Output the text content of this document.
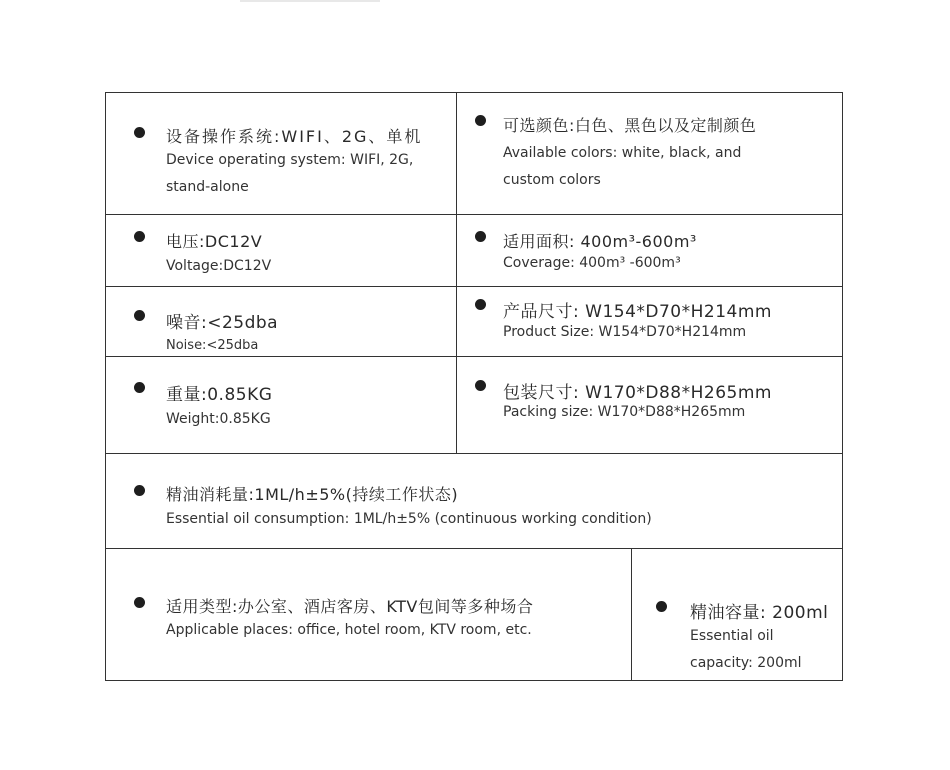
设备操作系统:WIFI、2G、单机
Device operating system: WIFI, 2G,
stand-alone
可选颜色:白色、黑色以及定制颜色
Available colors: white, black, and
custom colors
电压:DC12V
Voltage:DC12V
适用面积: 400m³-600m³
Coverage: 400m³ -600m³
噪音:<25dba
Noise:<25dba
产品尺寸: W154*D70*H214mm
Product Size: W154*D70*H214mm
重量:0.85KG
Weight:0.85KG
包装尺寸: W170*D88*H265mm
Packing size: W170*D88*H265mm
精油消耗量:1ML/h±5%(持续工作状态)
Essential oil consumption: 1ML/h±5% (continuous working condition)
适用类型:办公室、酒店客房、KTV包间等多种场合
Applicable places: office, hotel room, KTV room, etc.
精油容量: 200ml
Essential oil
capacity: 200ml
